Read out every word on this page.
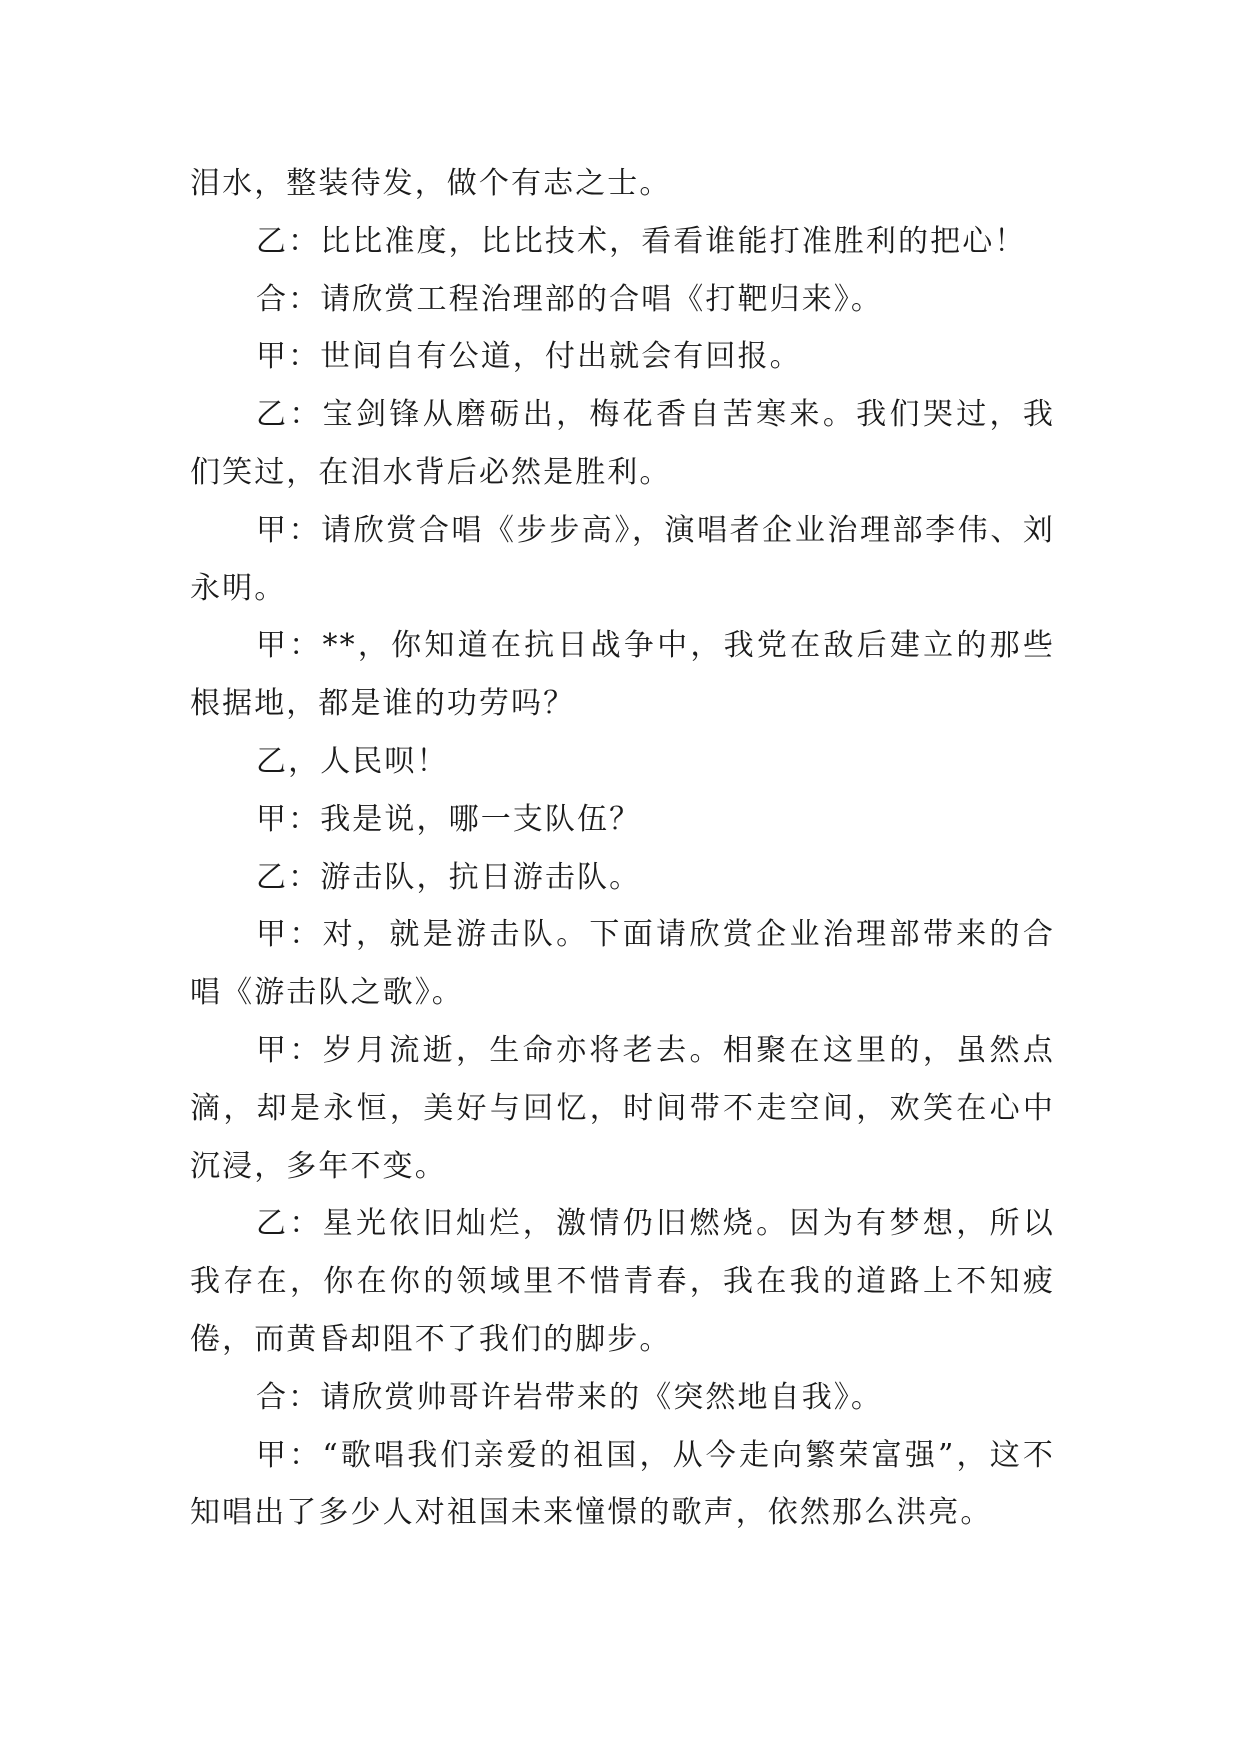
泪水，整装待发，做个有志之士。

乙：比比准度，比比技术，看看谁能打准胜利的把心！

合：请欣赏工程治理部的合唱《打靶归来》。

甲：世间自有公道，付出就会有回报。

乙：宝剑锋从磨砺出，梅花香自苦寒来。我们哭过，我们笑过，在泪水背后必然是胜利。

甲：请欣赏合唱《步步高》，演唱者企业治理部李伟、刘永明。

甲：**，你知道在抗日战争中，我党在敌后建立的那些根据地，都是谁的功劳吗？

乙，人民呗！

甲：我是说，哪一支队伍？

乙：游击队，抗日游击队。

甲：对，就是游击队。下面请欣赏企业治理部带来的合唱《游击队之歌》。

甲：岁月流逝，生命亦将老去。相聚在这里的，虽然点滴，却是永恒，美好与回忆，时间带不走空间，欢笑在心中沉浸，多年不变。

乙：星光依旧灿烂，激情仍旧燃烧。因为有梦想，所以我存在，你在你的领域里不惜青春，我在我的道路上不知疲倦，而黄昏却阻不了我们的脚步。

合：请欣赏帅哥许岩带来的《突然地自我》。

甲：“歌唱我们亲爱的祖国，从今走向繁荣富强”，这不知唱出了多少人对祖国未来憧憬的歌声，依然那么洪亮。
